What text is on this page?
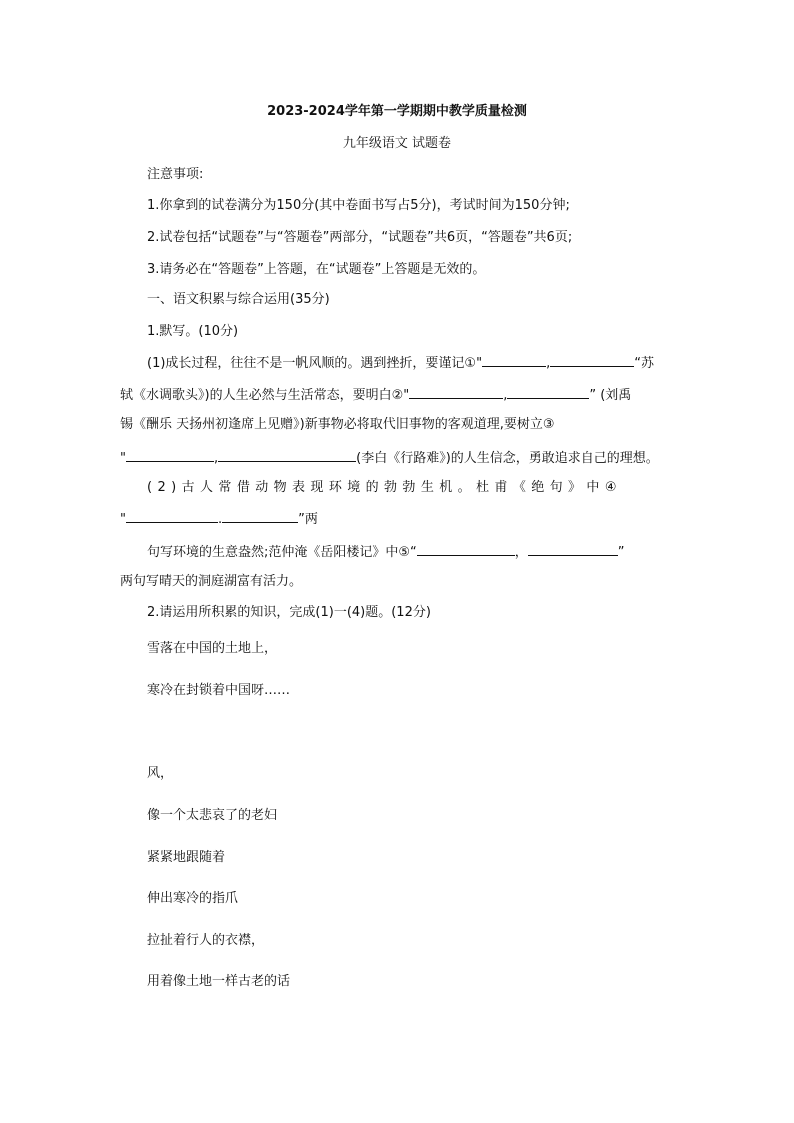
2023-2024学年第一学期期中教学质量检测
九年级语文 试题卷
注意事项:
1.你拿到的试卷满分为150分(其中卷面书写占5分)，考试时间为150分钟;
2.试卷包括“试题卷”与“答题卷”两部分，“试题卷”共6页，“答题卷”共6页;
3.请务必在“答题卷”上答题，在“试题卷”上答题是无效的。
一、语文积累与综合运用(35分)
1.默写。(10分)
(1)成长过程，往往不是一帆风顺的。遇到挫折，要谨记①"	,	“苏
轼《水调歌头》)的人生必然与生活常态，要明白②"	,	” (刘禹
锡《酬乐 天扬州初逢席上见赠》)新事物必将取代旧事物的客观道理,要树立③
"	,	(李白《行路难》)的人生信念，勇敢追求自己的理想。
(2)古人常借动物表现环境的勃勃生机。杜甫《绝句》中④
"	.	”两
句写环境的生意盎然;范仲淹《岳阳楼记》中⑤“	，	”
两句写晴天的洞庭湖富有活力。
2.请运用所积累的知识，完成(1)一(4)题。(12分)
雪落在中国的土地上，
寒冷在封锁着中国呀……
风，
像一个太悲哀了的老妇
紧紧地跟随着
伸出寒冷的指爪
拉扯着行人的衣襟，
用着像土地一样古老的话
